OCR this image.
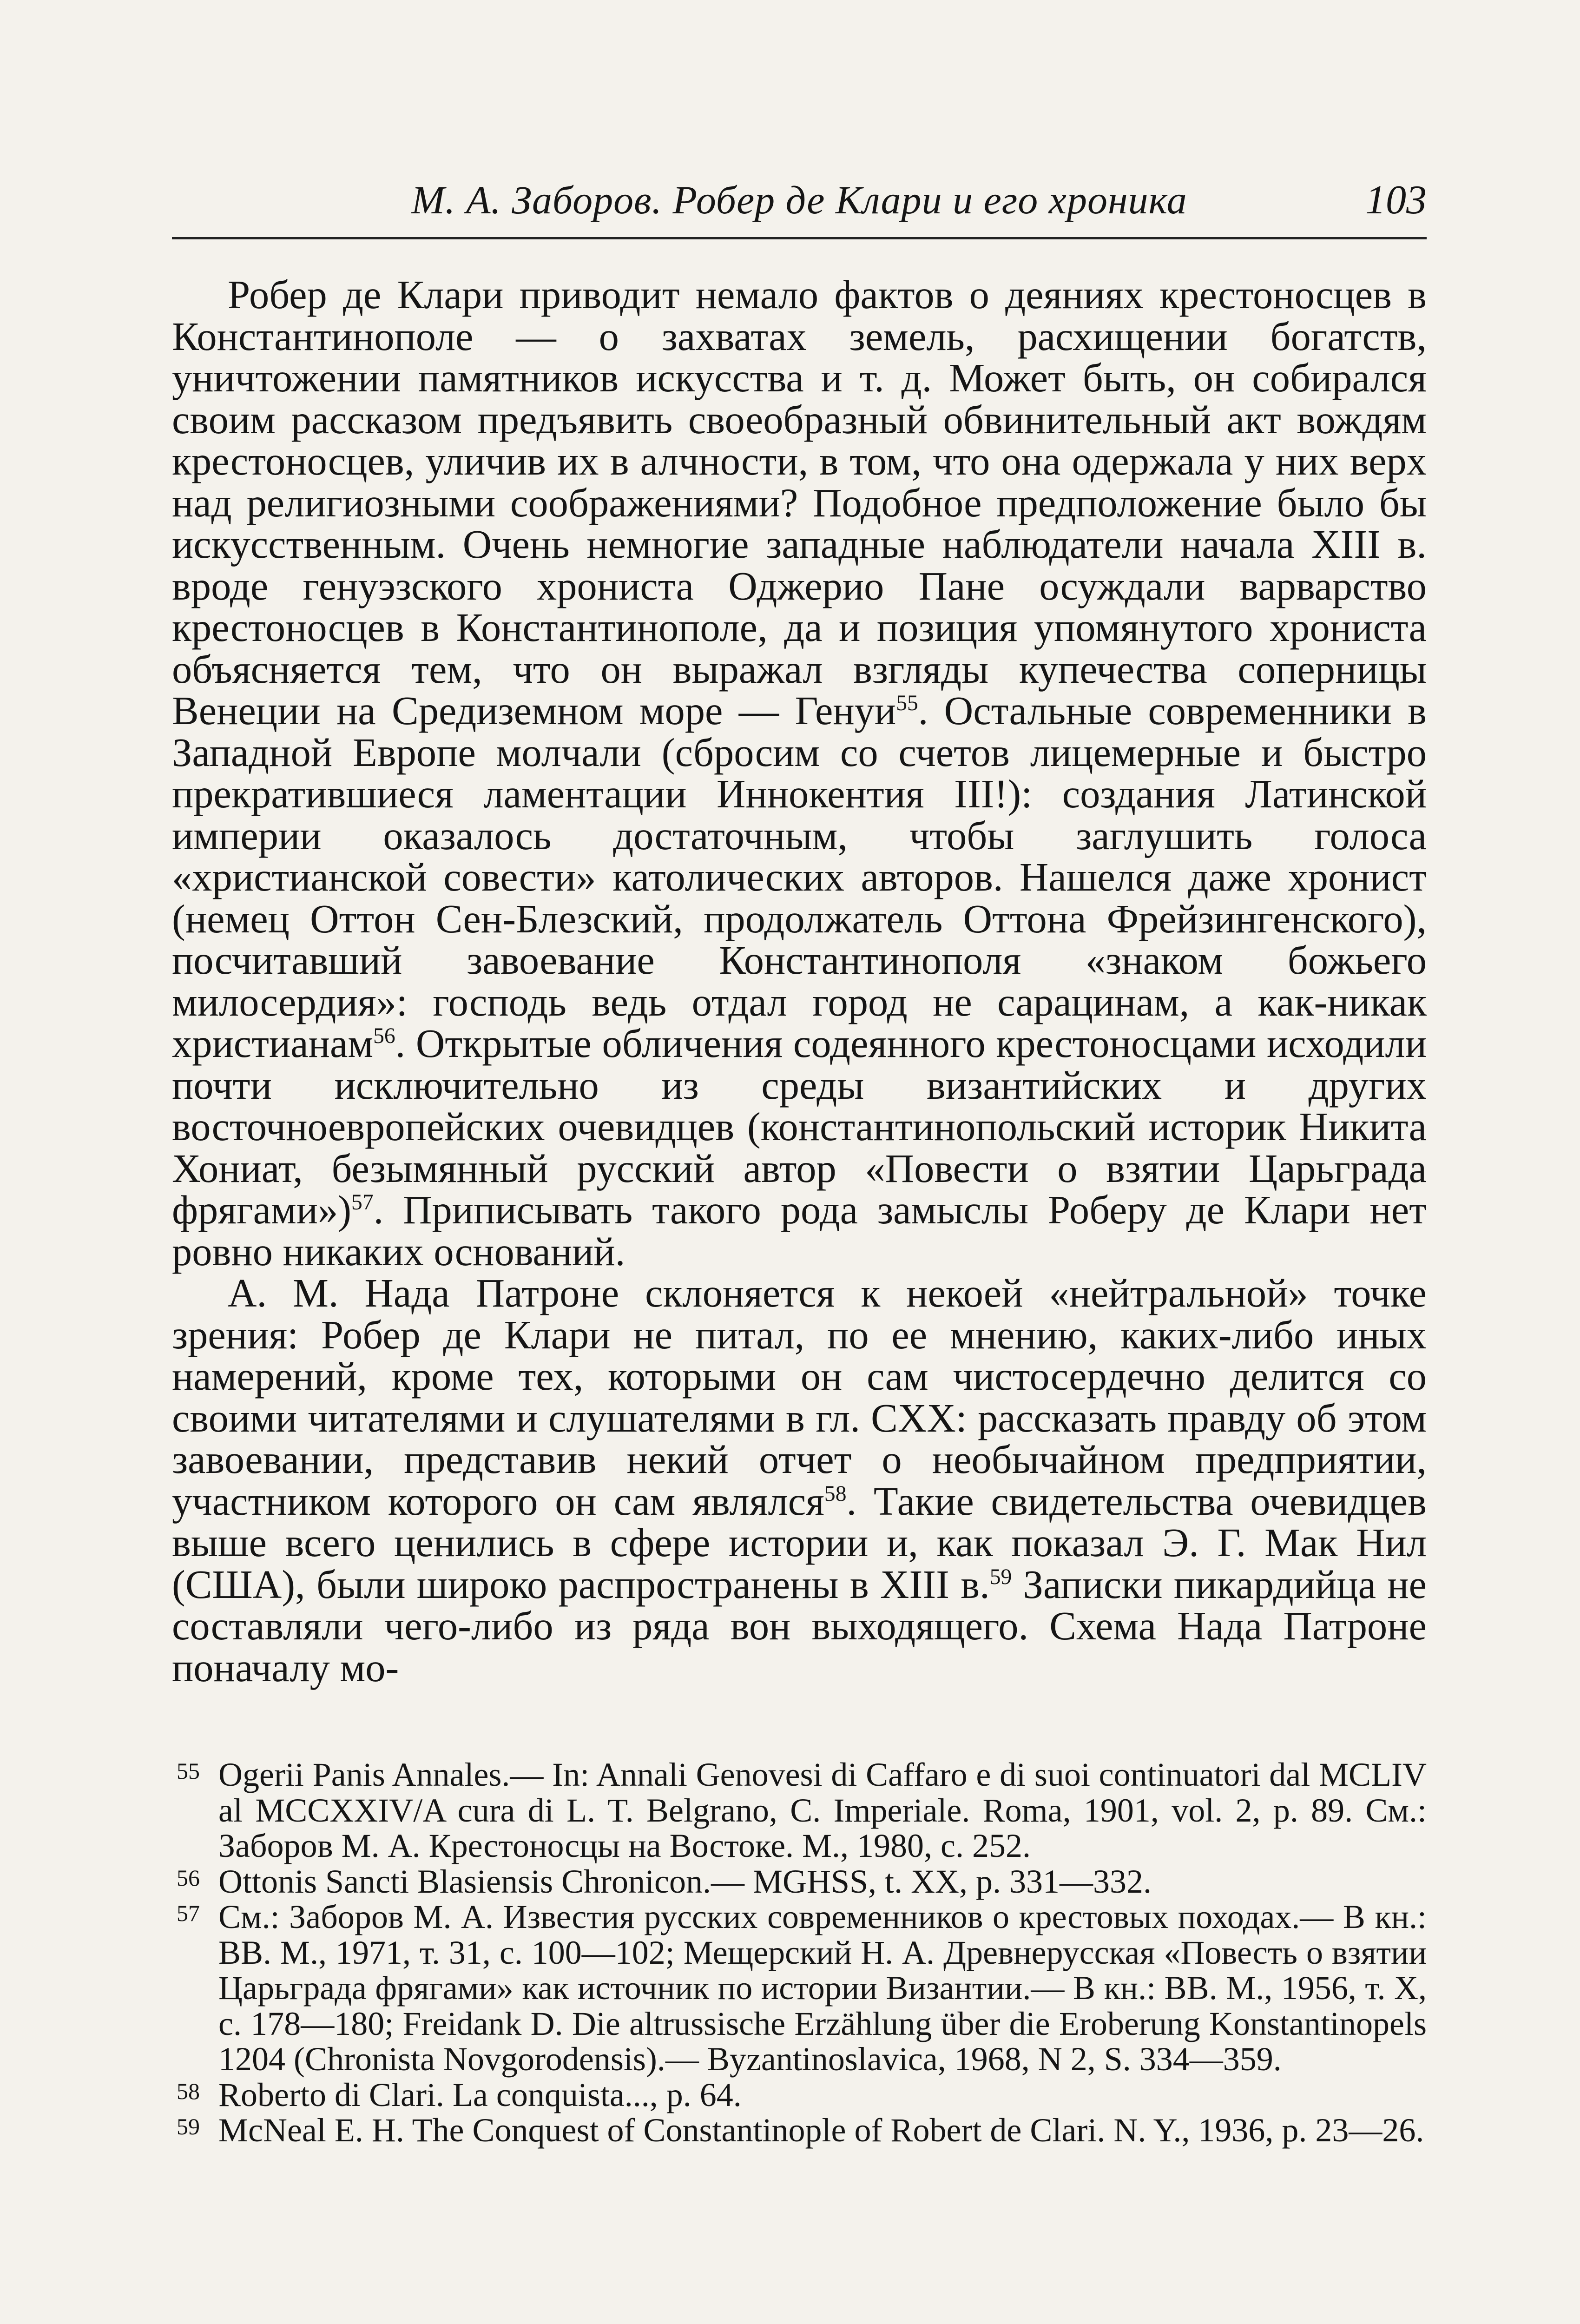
М. А. Заборов. Робер де Клари и его хроника	103

Робер де Клари приводит немало фактов о деяниях крестоносцев в Константинополе — о захватах земель, расхищении богатств, уничтожении памятников искусства и т. д. Может быть, он собирался своим рассказом предъявить своеобразный обвинительный акт вождям крестоносцев, уличив их в алчности, в том, что она одержала у них верх над религиозными соображениями? Подобное предположение было бы искусственным. Очень немногие западные наблюдатели начала XIII в. вроде генуэзского хрониста Оджерио Пане осуждали варварство крестоносцев в Константинополе, да и позиция упомянутого хрониста объясняется тем, что он выражал взгляды купечества соперницы Венеции на Средиземном море — Генуи$^{55}$. Остальные современники в Западной Европе молчали (сбросим со счетов лицемерные и быстро прекратившиеся ламентации Иннокентия III!): создания Латинской империи оказалось достаточным, чтобы заглушить голоса «христианской совести» католических авторов. Нашелся даже хронист (немец Оттон Сен-Блезский, продолжатель Оттона Фрейзингенского), посчитавший завоевание Константинополя «знаком божьего милосердия»: господь ведь отдал город не сарацинам, а как-никак христианам$^{56}$. Открытые обличения содеянного крестоносцами исходили почти исключительно из среды византийских и других восточноевропейских очевидцев (константинопольский историк Никита Хониат, безымянный русский автор «Повести о взятии Царьграда фрягами»)$^{57}$. Приписывать такого рода замыслы Роберу де Клари нет ровно никаких оснований.

А. М. Нада Патроне склоняется к некоей «нейтральной» точке зрения: Робер де Клари не питал, по ее мнению, каких-либо иных намерений, кроме тех, которыми он сам чистосердечно делится со своими читателями и слушателями в гл. CXX: рассказать правду об этом завоевании, представив некий отчет о необычайном предприятии, участником которого он сам являлся$^{58}$. Такие свидетельства очевидцев выше всего ценились в сфере истории и, как показал Э. Г. Мак Нил (США), были широко распространены в XIII в.$^{59}$ Записки пикардийца не составляли чего-либо из ряда вон выходящего. Схема Нада Патроне поначалу мо-

55 Ogerii Panis Annales.— In: Annali Genovesi di Caffaro e di suoi continuatori dal MCLIV al MCCXXIV/A cura di L. T. Belgrano, C. Imperiale. Roma, 1901, vol. 2, p. 89. См.: Заборов М. А. Крестоносцы на Востоке. М., 1980, с. 252.
56 Ottonis Sancti Blasiensis Chronicon.— MGHSS, t. XX, p. 331—332.
57 См.: Заборов М. А. Известия русских современников о крестовых походах.— В кн.: ВВ. М., 1971, т. 31, с. 100—102; Мещерский Н. А. Древнерусская «Повесть о взятии Царьграда фрягами» как источник по истории Византии.— В кн.: ВВ. М., 1956, т. X, с. 178—180; Freidank D. Die altrussische Erzählung über die Eroberung Konstantinopels 1204 (Chronista Novgorodensis).— Byzantinoslavica, 1968, N 2, S. 334—359.
58 Roberto di Clari. La conquista..., p. 64.
59 McNeal E. H. The Conquest of Constantinople of Robert de Clari. N. Y., 1936, p. 23—26.
